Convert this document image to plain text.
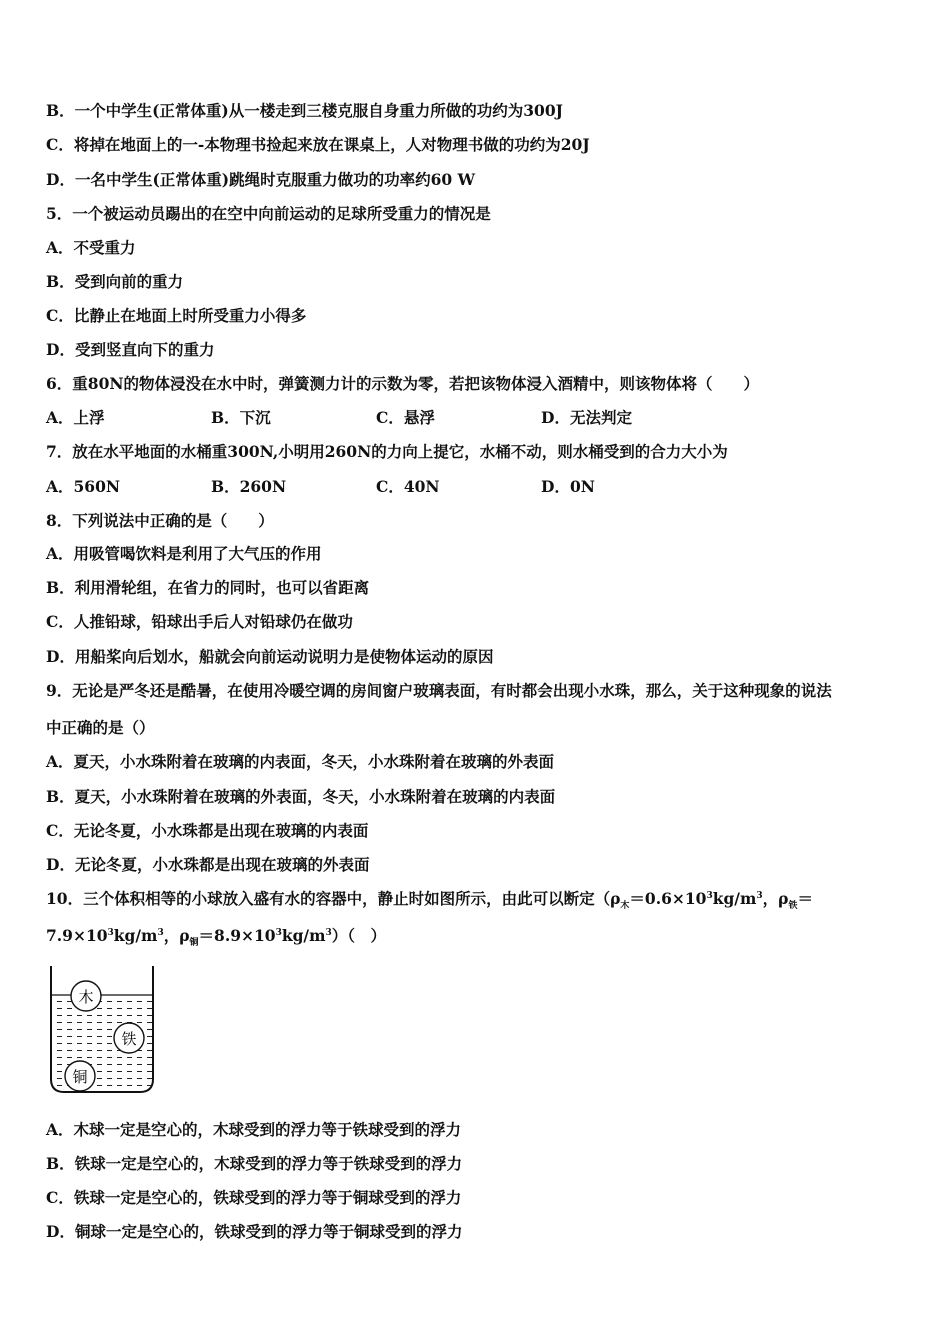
B．一个中学生(正常体重)从一楼走到三楼克服自身重力所做的功约为300J
C．将掉在地面上的一-本物理书捡起来放在课桌上，人对物理书做的功约为20J
D．一名中学生(正常体重)跳绳时克服重力做功的功率约60 W
5．一个被运动员踢出的在空中向前运动的足球所受重力的情况是
A．不受重力
B．受到向前的重力
C．比静止在地面上时所受重力小得多
D．受到竖直向下的重力
6．重80N的物体浸没在水中时，弹簧测力计的示数为零，若把该物体浸入酒精中，则该物体将（　　）
A．上浮	B．下沉	C．悬浮	D．无法判定
7．放在水平地面的水桶重300N,小明用260N的力向上提它，水桶不动，则水桶受到的合力大小为
A．560N	B．260N	C．40N	D．0N
8．下列说法中正确的是（　　）
A．用吸管喝饮料是利用了大气压的作用
B．利用滑轮组，在省力的同时，也可以省距离
C．人推铅球，铅球出手后人对铅球仍在做功
D．用船桨向后划水，船就会向前运动说明力是使物体运动的原因
9．无论是严冬还是酷暑，在使用冷暖空调的房间窗户玻璃表面，有时都会出现小水珠，那么，关于这种现象的说法
中正确的是（）
A．夏天，小水珠附着在玻璃的内表面，冬天，小水珠附着在玻璃的外表面
B．夏天，小水珠附着在玻璃的外表面，冬天，小水珠附着在玻璃的内表面
C．无论冬夏，小水珠都是出现在玻璃的内表面
D．无论冬夏，小水珠都是出现在玻璃的外表面
10．三个体积相等的小球放入盛有水的容器中，静止时如图所示，由此可以断定（$\rho_木=0.6\times 10^3kg/m^3$，$\rho_铁=$
$7.9\times 10^3kg/m^3$，$\rho_铜=8.9\times 10^3kg/m^3$）（　）
木
铁
铜
A．木球一定是空心的，木球受到的浮力等于铁球受到的浮力
B．铁球一定是空心的，木球受到的浮力等于铁球受到的浮力
C．铁球一定是空心的，铁球受到的浮力等于铜球受到的浮力
D．铜球一定是空心的，铁球受到的浮力等于铜球受到的浮力
